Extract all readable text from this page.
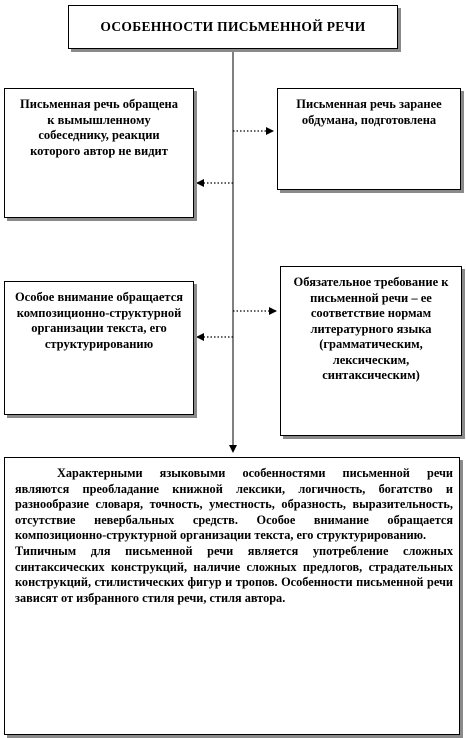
ОСОБЕННОСТИ ПИСЬМЕННОЙ РЕЧИ
Письменная речь обращена к вымышленному собеседнику, реакции которого автор не видит
Письменная речь заранее обдумана, подготовлена
Особое внимание обращается композиционно-структурной организации текста, его структурированию
Обязательное требование к письменной речи – ее соответствие нормам литературного языка (грамматическим, лексическим, синтаксическим)

Характерными языковыми особенностями письменной речи являются преобладание книжной лексики, логичность, богатство и разнообразие словаря, точность, уместность, образность, выразительность, отсутствие невербальных средств. Особое внимание обращается композиционно-структурной организации текста, его структурированию.

Типичным для письменной речи является употребление сложных синтаксических конструкций, наличие сложных предлогов, страдательных конструкций, стилистических фигур и тропов. Особенности письменной речи зависят от избранного стиля речи, стиля автора.
